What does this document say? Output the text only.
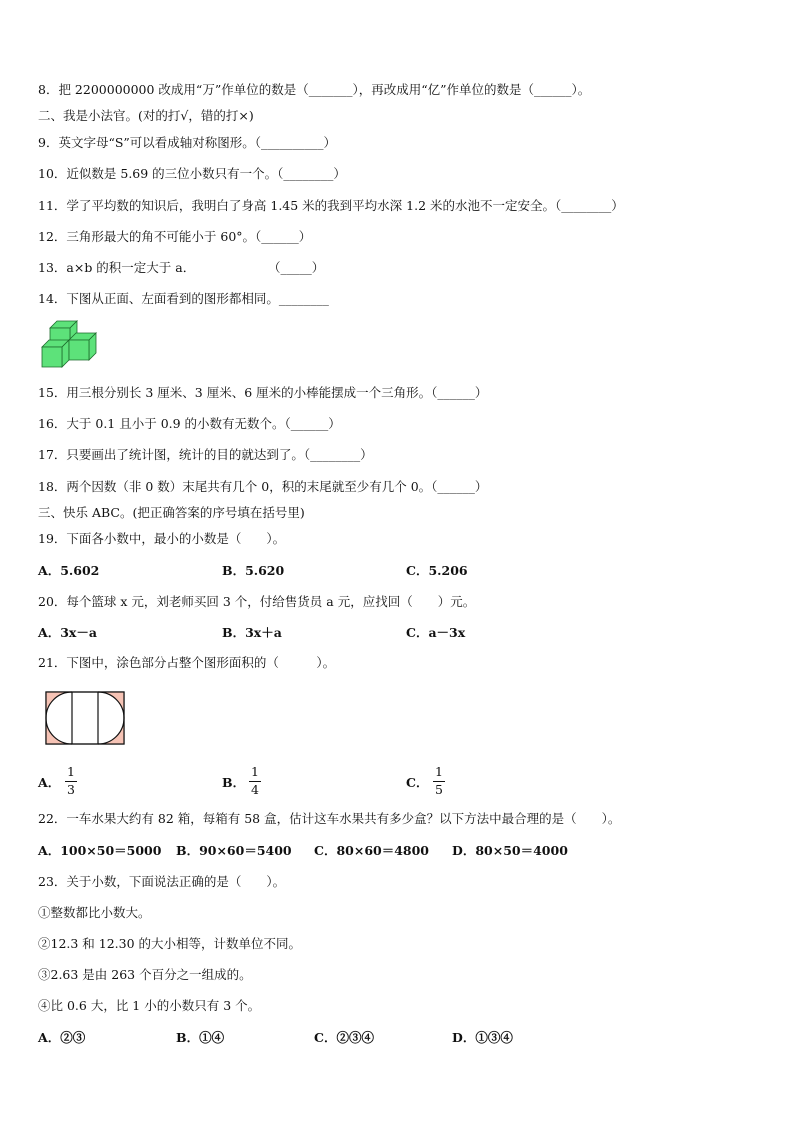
8．把 2200000000 改成用“万”作单位的数是（_______），再改成用“亿”作单位的数是（______）。
二、我是小法官。(对的打√，错的打×)
9．英文字母“S”可以看成轴对称图形。（__________）
10．近似数是 5.69 的三位小数只有一个。（________）
11．学了平均数的知识后，我明白了身高 1.45 米的我到平均水深 1.2 米的水池不一定安全。（________）
12．三角形最大的角不可能小于 60°。（______）
13．a×b 的积一定大于 a．	（_____）
14．下图从正面、左面看到的图形都相同。________
15．用三根分别长 3 厘米、3 厘米、6 厘米的小棒能摆成一个三角形。（______）
16．大于 0.1 且小于 0.9 的小数有无数个。（______）
17．只要画出了统计图，统计的目的就达到了。（________）
18．两个因数（非 0 数）末尾共有几个 0，积的末尾就至少有几个 0。（______）
三、快乐 ABC。(把正确答案的序号填在括号里)
19．下面各小数中，最小的小数是（　　）。
A．5.602	B．5.620	C．5.206
20．每个篮球 x 元，刘老师买回 3 个，付给售货员 a 元，应找回（　　）元。
A．3x－a	B．3x＋a	C．a－3x
21．下图中，涂色部分占整个图形面积的（　　　）。
A．
1
3	B．
1
4	C．
1
5
22．一车水果大约有 82 箱，每箱有 58 盒，估计这车水果共有多少盒？以下方法中最合理的是（　　）。
A．100×50＝5000 B．90×60＝5400 C．80×60＝4800 D．80×50＝4000
23．关于小数，下面说法正确的是（　　）。
①整数都比小数大。
②12.3 和 12.30 的大小相等，计数单位不同。
③2.63 是由 263 个百分之一组成的。
④比 0.6 大，比 1 小的小数只有 3 个。
A．②③	B．①④	C．②③④	D．①③④
